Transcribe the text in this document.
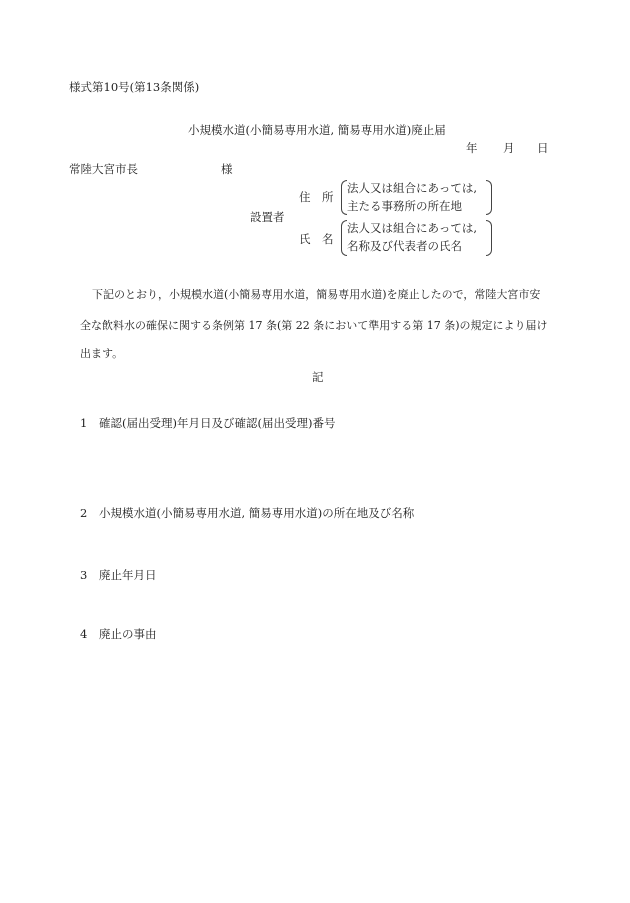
様式第10号(第13条関係)
小規模水道(小簡易専用水道, 簡易専用水道)廃止届
年 月 日
常陸大宮市長	様
設置者
住　所
法人又は組合にあっては,
主たる事務所の所在地
氏　名
法人又は組合にあっては,
名称及び代表者の氏名
下記のとおり，小規模水道(小簡易専用水道，簡易専用水道)を廃止したので，常陸大宮市安
全な飲料水の確保に関する条例第 17 条(第 22 条において準用する第 17 条)の規定により届け
出ます。
記
1 確認(届出受理)年月日及び確認(届出受理)番号
2 小規模水道(小簡易専用水道, 簡易専用水道)の所在地及び名称
3 廃止年月日
4 廃止の事由
